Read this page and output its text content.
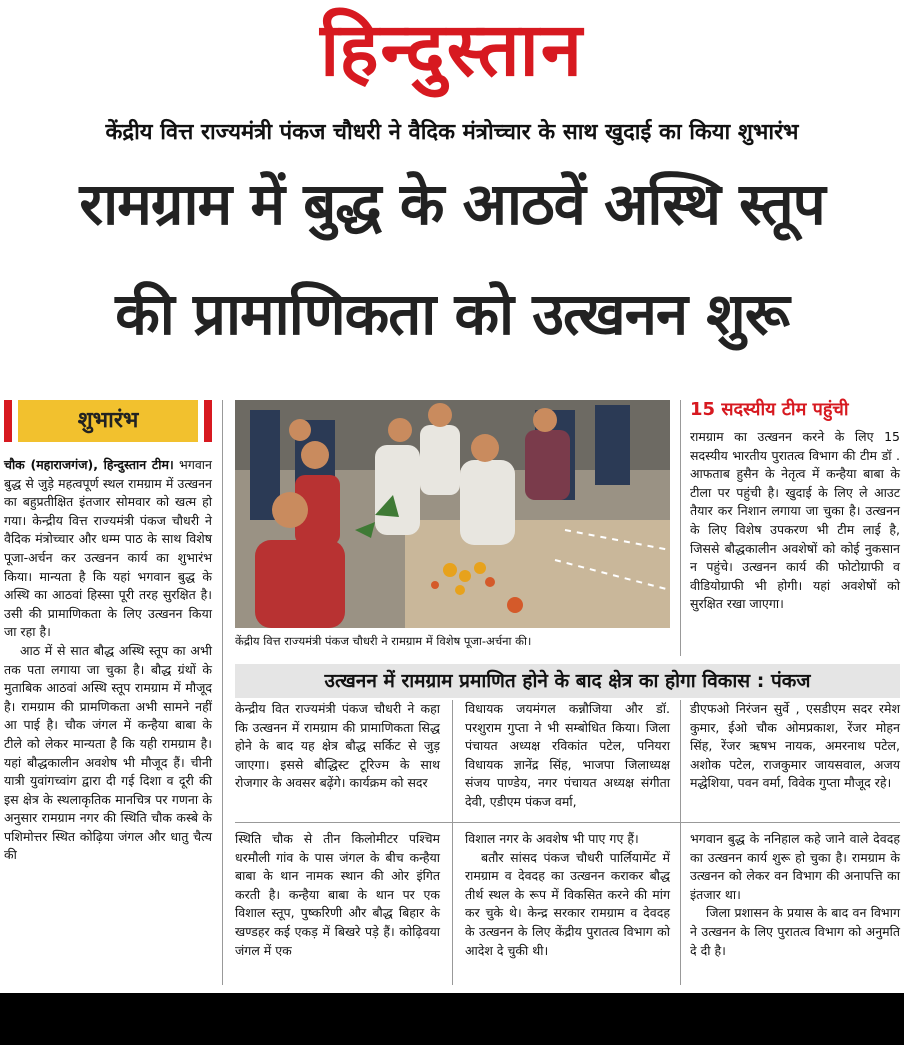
हिन्दुस्तान
केंद्रीय वित्त राज्यमंत्री पंकज चौधरी ने वैदिक मंत्रोच्चार के साथ खुदाई का किया शुभारंभ
रामग्राम में बुद्ध के आठवें अस्थि स्तूप
की प्रामाणिकता को उत्खनन शुरू
शुभारंभ

चौक (महाराजगंज), हिन्दुस्तान टीम। भगवान बुद्ध से जुड़े महत्वपूर्ण स्थल रामग्राम में उत्खनन का बहुप्रतीक्षित इंतजार सोमवार को खत्म हो गया। केन्द्रीय वित्त राज्यमंत्री पंकज चौधरी ने वैदिक मंत्रोच्चार और धम्म पाठ के साथ विशेष पूजा-अर्चन कर उत्खनन कार्य का शुभारंभ किया। मान्यता है कि यहां भगवान बुद्ध के अस्थि का आठवां हिस्सा पूरी तरह सुरक्षित है। उसी की प्रामाणिकता के लिए उत्खनन किया जा रहा है।

आठ में से सात बौद्ध अस्थि स्तूप का अभी तक पता लगाया जा चुका है। बौद्ध ग्रंथों के मुताबिक आठवां अस्थि स्तूप रामग्राम में मौजूद है। रामग्राम की प्रामणिकता अभी सामने नहीं आ पाई है। चौक जंगल में कन्हैया बाबा के टीले को लेकर मान्यता है कि यही रामग्राम है। यहां बौद्धकालीन अवशेष भी मौजूद हैं। चीनी यात्री युवांगच्वांग द्वारा दी गई दिशा व दूरी की इस क्षेत्र के स्थलाकृतिक मानचित्र पर गणना के अनुसार रामग्राम नगर की स्थिति चौक कस्बे के पशिमोत्तर स्थित कोढ़िया जंगल और धातु चैत्य की

केंद्रीय वित्त राज्यमंत्री पंकज चौधरी ने रामग्राम में विशेष पूजा-अर्चना की।
15 सदस्यीय टीम पहुंची
रामग्राम का उत्खनन करने के लिए 15 सदस्यीय भारतीय पुरातत्व विभाग की टीम डॉ . आफताब हुसैन के नेतृत्व में कन्हैया बाबा के टीला पर पहुंची है। खुदाई के लिए ले आउट तैयार कर निशान लगाया जा चुका है। उत्खनन के लिए विशेष उपकरण भी टीम लाई है, जिससे बौद्धकालीन अवशेषों को कोई नुकसान न पहुंचे। उत्खनन कार्य की फोटोग्राफी व वीडियोग्राफी भी होगी। यहां अवशेषों को सुरक्षित रखा जाएगा।
उत्खनन में रामग्राम प्रमाणित होने के बाद क्षेत्र का होगा विकास : पंकज
केन्द्रीय वित राज्यमंत्री पंकज चौधरी ने कहा कि उत्खनन में रामग्राम की प्रामाणिकता सिद्ध होने के बाद यह क्षेत्र बौद्ध सर्किट से जुड़ जाएगा। इससे बौद्धिस्ट टूरिज्म के साथ रोजगार के अवसर बढ़ेंगे। कार्यक्रम को सदर
विधायक जयमंगल कन्नौजिया और डॉ. परशुराम गुप्ता ने भी सम्बोधित किया। जिला पंचायत अध्यक्ष रविकांत पटेल, पनियरा विधायक ज्ञानेंद्र सिंह, भाजपा जिलाध्यक्ष संजय पाण्डेय, नगर पंचायत अध्यक्ष संगीता देवी, एडीएम पंकज वर्मा,
डीएफओ निरंजन सुर्वे , एसडीएम सदर रमेश कुमार, ईओ चौक ओमप्रकाश, रेंजर मोहन सिंह, रेंजर ऋषभ नायक, अमरनाथ पटेल, अशोक पटेल, राजकुमार जायसवाल, अजय मद्धेशिया, पवन वर्मा, विवेक गुप्ता मौजूद रहे।
स्थिति चौक से तीन किलोमीटर पश्चिम धरमौली गांव के पास जंगल के बीच कन्हैया बाबा के थान नामक स्थान की ओर इंगित करती है। कन्हैया बाबा के थान पर एक विशाल स्तूप, पुष्करिणी और बौद्ध बिहार के खण्डहर कई एकड़ में बिखरे पड़े हैं। कोढ़िवया जंगल में एक

विशाल नगर के अवशेष भी पाए गए हैं।

बतौर सांसद पंकज चौधरी पार्लियामेंट में रामग्राम व देवदह का उत्खनन कराकर बौद्ध तीर्थ स्थल के रूप में विकसित करने की मांग कर चुके थे। केन्द्र सरकार रामग्राम व देवदह के उत्खनन के लिए केंद्रीय पुरातत्व विभाग को आदेश दे चुकी थी।

भगवान बुद्ध के ननिहाल कहे जाने वाले देवदह का उत्खनन कार्य शुरू हो चुका है। रामग्राम के उत्खनन को लेकर वन विभाग की अनापत्ति का इंतजार था।

जिला प्रशासन के प्रयास के बाद वन विभाग ने उत्खनन के लिए पुरातत्व विभाग को अनुमति दे दी है।
